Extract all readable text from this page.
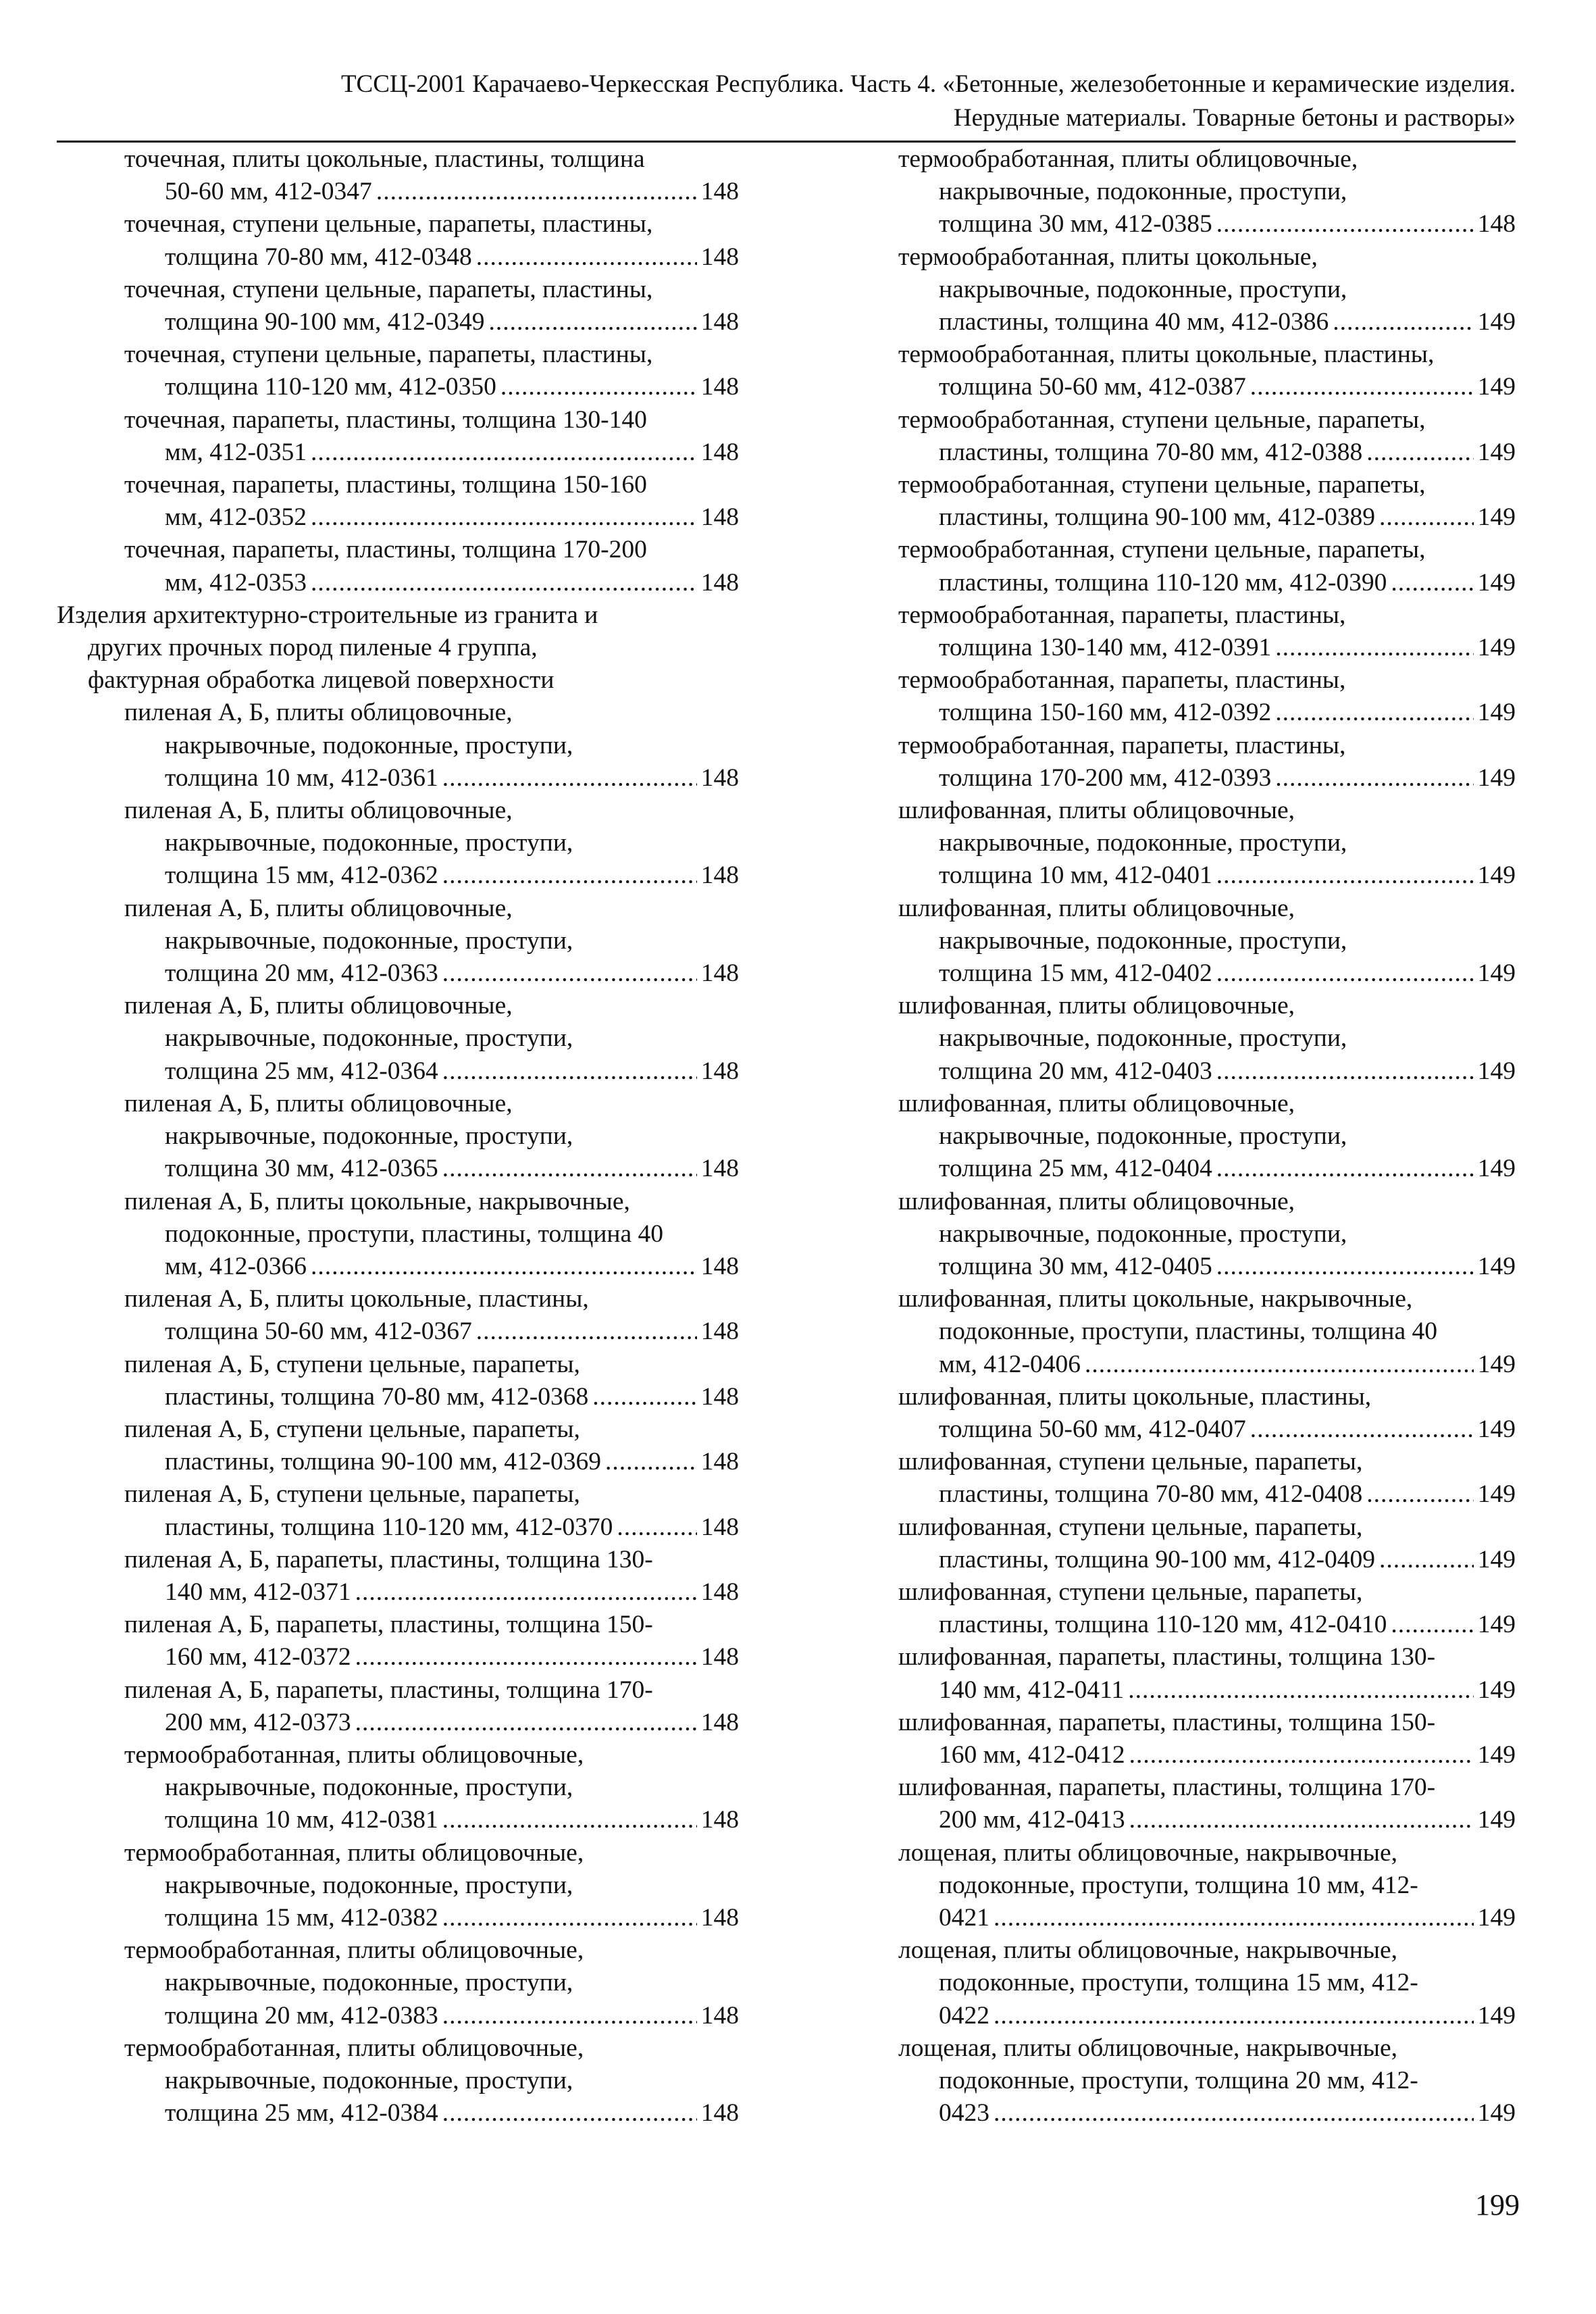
ТССЦ-2001 Карачаево-Черкесская Республика. Часть 4. «Бетонные, железобетонные и керамические изделия.
Нерудные материалы. Товарные бетоны и растворы»
точечная, плиты цокольные, пластины, толщина
50-60 мм, 412-0347 .....	148
точечная, ступени цельные, парапеты, пластины,
толщина 70-80 мм, 412-0348 .....	148
точечная, ступени цельные, парапеты, пластины,
толщина 90-100 мм, 412-0349 .....	148
точечная, ступени цельные, парапеты, пластины,
толщина 110-120 мм, 412-0350 .....	148
точечная, парапеты, пластины, толщина 130-140
мм, 412-0351 .....	148
точечная, парапеты, пластины, толщина 150-160
мм, 412-0352 .....	148
точечная, парапеты, пластины, толщина 170-200
мм, 412-0353 .....	148
Изделия архитектурно-строительные из гранита и
других прочных пород пиленые 4 группа,
фактурная обработка лицевой поверхности
пиленая А, Б, плиты облицовочные,
накрывочные, подоконные, проступи,
толщина 10 мм, 412-0361 .....	148
пиленая А, Б, плиты облицовочные,
накрывочные, подоконные, проступи,
толщина 15 мм, 412-0362 .....	148
пиленая А, Б, плиты облицовочные,
накрывочные, подоконные, проступи,
толщина 20 мм, 412-0363 .....	148
пиленая А, Б, плиты облицовочные,
накрывочные, подоконные, проступи,
толщина 25 мм, 412-0364 .....	148
пиленая А, Б, плиты облицовочные,
накрывочные, подоконные, проступи,
толщина 30 мм, 412-0365 .....	148
пиленая А, Б, плиты цокольные, накрывочные,
подоконные, проступи, пластины, толщина 40
мм, 412-0366 .....	148
пиленая А, Б, плиты цокольные, пластины,
толщина 50-60 мм, 412-0367 .....	148
пиленая А, Б, ступени цельные, парапеты,
пластины, толщина 70-80 мм, 412-0368 .....	148
пиленая А, Б, ступени цельные, парапеты,
пластины, толщина 90-100 мм, 412-0369 .....	148
пиленая А, Б, ступени цельные, парапеты,
пластины, толщина 110-120 мм, 412-0370 .....	148
пиленая А, Б, парапеты, пластины, толщина 130-
140 мм, 412-0371 .....	148
пиленая А, Б, парапеты, пластины, толщина 150-
160 мм, 412-0372 .....	148
пиленая А, Б, парапеты, пластины, толщина 170-
200 мм, 412-0373 .....	148
термообработанная, плиты облицовочные,
накрывочные, подоконные, проступи,
толщина 10 мм, 412-0381 .....	148
термообработанная, плиты облицовочные,
накрывочные, подоконные, проступи,
толщина 15 мм, 412-0382 .....	148
термообработанная, плиты облицовочные,
накрывочные, подоконные, проступи,
толщина 20 мм, 412-0383 .....	148
термообработанная, плиты облицовочные,
накрывочные, подоконные, проступи,
толщина 25 мм, 412-0384 .....	148
термообработанная, плиты облицовочные,
накрывочные, подоконные, проступи,
толщина 30 мм, 412-0385 .....	148
термообработанная, плиты цокольные,
накрывочные, подоконные, проступи,
пластины, толщина 40 мм, 412-0386 .....	149
термообработанная, плиты цокольные, пластины,
толщина 50-60 мм, 412-0387 .....	149
термообработанная, ступени цельные, парапеты,
пластины, толщина 70-80 мм, 412-0388 .....	149
термообработанная, ступени цельные, парапеты,
пластины, толщина 90-100 мм, 412-0389 .....	149
термообработанная, ступени цельные, парапеты,
пластины, толщина 110-120 мм, 412-0390 .....	149
термообработанная, парапеты, пластины,
толщина 130-140 мм, 412-0391 .....	149
термообработанная, парапеты, пластины,
толщина 150-160 мм, 412-0392 .....	149
термообработанная, парапеты, пластины,
толщина 170-200 мм, 412-0393 .....	149
шлифованная, плиты облицовочные,
накрывочные, подоконные, проступи,
толщина 10 мм, 412-0401 .....	149
шлифованная, плиты облицовочные,
накрывочные, подоконные, проступи,
толщина 15 мм, 412-0402 .....	149
шлифованная, плиты облицовочные,
накрывочные, подоконные, проступи,
толщина 20 мм, 412-0403 .....	149
шлифованная, плиты облицовочные,
накрывочные, подоконные, проступи,
толщина 25 мм, 412-0404 .....	149
шлифованная, плиты облицовочные,
накрывочные, подоконные, проступи,
толщина 30 мм, 412-0405 .....	149
шлифованная, плиты цокольные, накрывочные,
подоконные, проступи, пластины, толщина 40
мм, 412-0406 .....	149
шлифованная, плиты цокольные, пластины,
толщина 50-60 мм, 412-0407 .....	149
шлифованная, ступени цельные, парапеты,
пластины, толщина 70-80 мм, 412-0408 .....	149
шлифованная, ступени цельные, парапеты,
пластины, толщина 90-100 мм, 412-0409 .....	149
шлифованная, ступени цельные, парапеты,
пластины, толщина 110-120 мм, 412-0410 .....	149
шлифованная, парапеты, пластины, толщина 130-
140 мм, 412-0411 .....	149
шлифованная, парапеты, пластины, толщина 150-
160 мм, 412-0412 .....	149
шлифованная, парапеты, пластины, толщина 170-
200 мм, 412-0413 .....	149
лощеная, плиты облицовочные, накрывочные,
подоконные, проступи, толщина 10 мм, 412-
0421 .....	149
лощеная, плиты облицовочные, накрывочные,
подоконные, проступи, толщина 15 мм, 412-
0422 .....	149
лощеная, плиты облицовочные, накрывочные,
подоконные, проступи, толщина 20 мм, 412-
0423 .....	149
199
